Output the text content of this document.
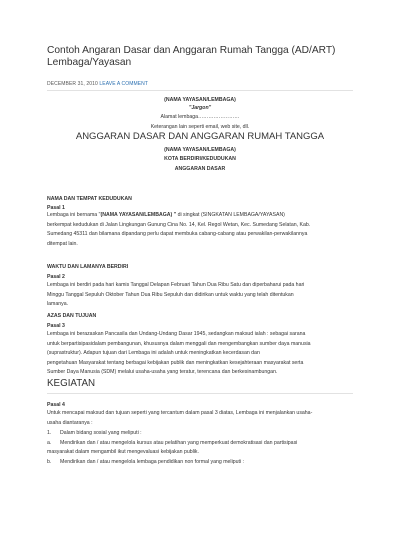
Contoh Angaran Dasar dan Anggaran Rumah Tangga (AD/ART) Lembaga/Yayasan
DECEMBER 31, 2010 LEAVE A COMMENT
(NAMA YAYASAN/LEMBAGA)
"Jargon"
Alamat lembaga……………………
Keterangan lain seperti email, web site, dll.
ANGGARAN DASAR DAN ANGGARAN RUMAH TANGGA
(NAMA YAYASAN/LEMBAGA)
KOTA BERDIRI/KEDUDUKAN
ANGGARAN DASAR
NAMA DAN TEMPAT KEDUDUKAN
Pasal 1
Lembaga ini bernama "(NAMA YAYASAN/LEMBAGA) " di singkat (SINGKATAN LEMBAGA/YAYASAN)
berkempat kedudukan di Jalan Lingkungan Gunung Cina No. 14, Kel. Regol Wetan, Kec. Sumedang Selatan, Kab.
Sumedang 45311 dan bilamana dipandang perlu dapat membuka cabang-cabang atau perwakilan-perwakilannya
ditempat lain.
WAKTU DAN LAMANYA BERDIRI
Pasal 2
Lembaga ini berdiri pada hari kamis Tanggal Delapan Februari Tahun Dua Ribu Satu dan diperbaharui pada hari
Minggu Tanggal Sepuluh Oktober Tahun Dua Ribu Sepuluh dan didirikan untuk waktu yang telah ditentukan
lamanya.
AZAS DAN TUJUAN
Pasal 3
Lembaga ini berazaskan Pancasila dan Undang-Undang Dasar 1945, sedangkan maksud ialah : sebagai sarana
untuk berpartisipasidalam pembangunan, khususnya dalam menggali dan mengembangkan sumber daya manusia
(suprastruktur). Adapun tujuan dari Lembaga ini adalah untuk meningkatkan kecerdasan dan
pengetahuan Masyarakat tentang berbagai kebijakan publik dan meningkatkan kesejahteraan masyarakat serta
Sumber Daya Manusia (SDM) melalui usaha-usaha yang teratur, terencana dan berkesinambungan.
KEGIATAN
Pasal 4
Untuk mencapai maksud dan tujuan seperti yang tercantum dalam pasal 3 diatas, Lembaga ini menjalankan usaha-
usaha diantaranya :
1. Dalam bidang sosial yang meliputi :
a. Mendirikan dan / atau mengelola kursus atau pelatihan yang memperkuat demokratisasi dan partisipasi
masyarakat dalam mengambil ikut mengevaluasi kebijakan publik.
b. Mendirikan dan / atau mengelola lembaga pendidikan non formal yang meliputi :
